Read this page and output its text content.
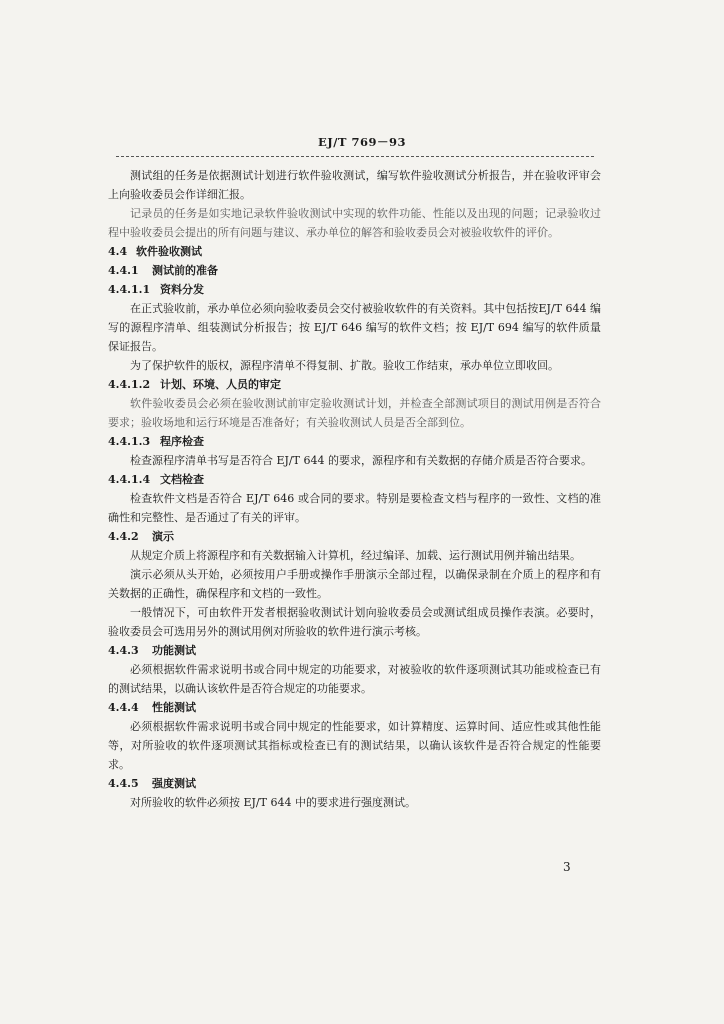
EJ/T 769－93

测试组的任务是依据测试计划进行软件验收测试，编写软件验收测试分析报告，并在验收评审会上向验收委员会作详细汇报。

记录员的任务是如实地记录软件验收测试中实现的软件功能、性能以及出现的问题；记录验收过程中验收委员会提出的所有问题与建议、承办单位的解答和验收委员会对被验收软件的评价。

4.4 软件验收测试
4.4.1 测试前的准备
4.4.1.1 资料分发

在正式验收前，承办单位必须向验收委员会交付被验收软件的有关资料。其中包括按EJ/T 644 编写的源程序清单、组装测试分析报告；按 EJ/T 646 编写的软件文档；按 EJ/T 694 编写的软件质量保证报告。

为了保护软件的版权，源程序清单不得复制、扩散。验收工作结束，承办单位立即收回。

4.4.1.2 计划、环境、人员的审定

软件验收委员会必须在验收测试前审定验收测试计划，并检查全部测试项目的测试用例是否符合要求；验收场地和运行环境是否准备好；有关验收测试人员是否全部到位。

4.4.1.3 程序检查

检查源程序清单书写是否符合 EJ/T 644 的要求，源程序和有关数据的存储介质是否符合要求。

4.4.1.4 文档检查

检查软件文档是否符合 EJ/T 646 或合同的要求。特别是要检查文档与程序的一致性、文档的准确性和完整性、是否通过了有关的评审。

4.4.2 演示

从规定介质上将源程序和有关数据输入计算机，经过编译、加载、运行测试用例并输出结果。

演示必须从头开始，必须按用户手册或操作手册演示全部过程，以确保录制在介质上的程序和有关数据的正确性，确保程序和文档的一致性。

一般情况下，可由软件开发者根据验收测试计划向验收委员会或测试组成员操作表演。必要时，验收委员会可选用另外的测试用例对所验收的软件进行演示考核。

4.4.3 功能测试

必须根据软件需求说明书或合同中规定的功能要求，对被验收的软件逐项测试其功能或检查已有的测试结果，以确认该软件是否符合规定的功能要求。

4.4.4 性能测试

必须根据软件需求说明书或合同中规定的性能要求，如计算精度、运算时间、适应性或其他性能等，对所验收的软件逐项测试其指标或检查已有的测试结果，以确认该软件是否符合规定的性能要求。

4.4.5 强度测试

对所验收的软件必须按 EJ/T 644 中的要求进行强度测试。

3
